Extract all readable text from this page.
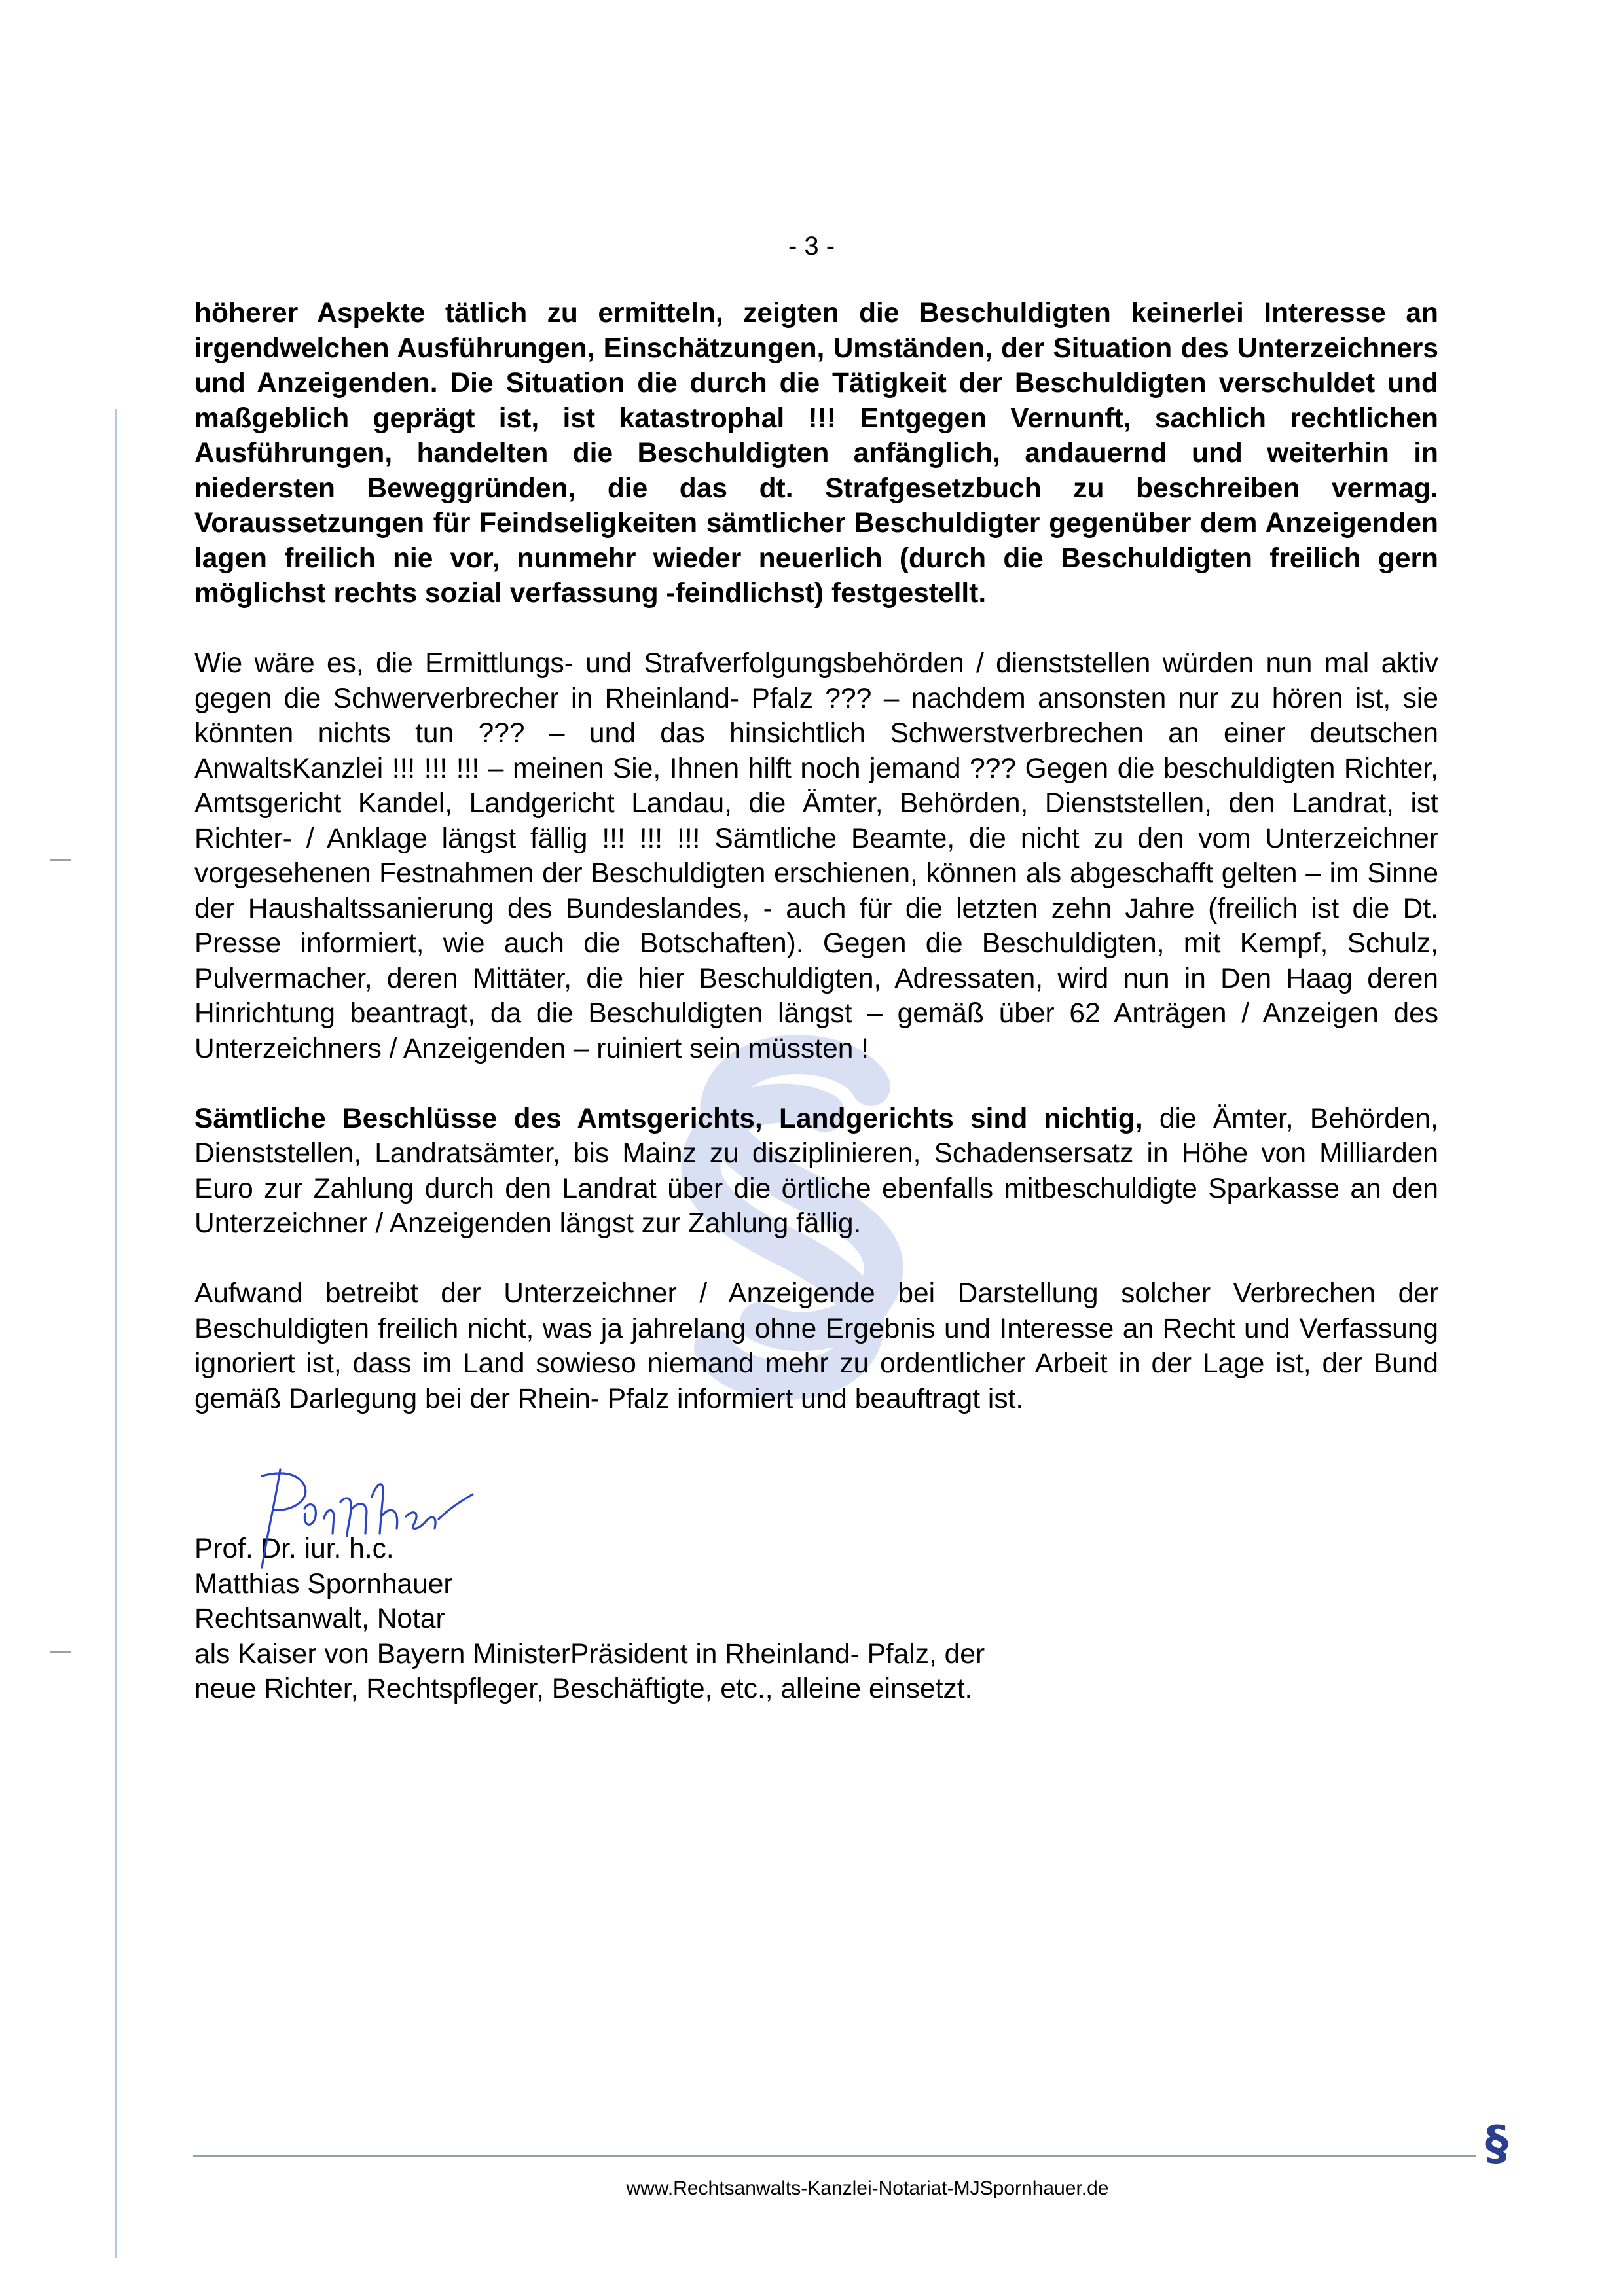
- 3 -

höherer Aspekte tätlich zu ermitteln, zeigten die Beschuldigten keinerlei Interesse an irgendwelchen Ausführungen, Einschätzungen, Umständen, der Situation des Unterzeichners und Anzeigenden. Die Situation die durch die Tätigkeit der Beschuldigten verschuldet und maßgeblich geprägt ist, ist katastrophal !!! Entgegen Vernunft, sachlich rechtlichen Ausführungen, handelten die Beschuldigten anfänglich, andauernd und weiterhin in niedersten Beweggründen, die das dt. Strafgesetzbuch zu beschreiben vermag. Voraussetzungen für Feindseligkeiten sämtlicher Beschuldigter gegenüber dem Anzeigenden lagen freilich nie vor, nunmehr wieder neuerlich (durch die Beschuldigten freilich gern möglichst rechts sozial verfassung -feindlichst) festgestellt.

Wie wäre es, die Ermittlungs- und Strafverfolgungsbehörden / dienststellen würden nun mal aktiv gegen die Schwerverbrecher in Rheinland- Pfalz ??? – nachdem ansonsten nur zu hören ist, sie könnten nichts tun ??? – und das hinsichtlich Schwerstverbrechen an einer deutschen AnwaltsKanzlei !!! !!! !!! – meinen Sie, Ihnen hilft noch jemand ??? Gegen die beschuldigten Richter, Amtsgericht Kandel, Landgericht Landau, die Ämter, Behörden, Dienststellen, den Landrat, ist Richter- / Anklage längst fällig !!! !!! !!! Sämtliche Beamte, die nicht zu den vom Unterzeichner vorgesehenen Festnahmen der Beschuldigten erschienen, können als abgeschafft gelten – im Sinne der Haushaltssanierung des Bundeslandes, - auch für die letzten zehn Jahre (freilich ist die Dt. Presse informiert, wie auch die Botschaften). Gegen die Beschuldigten, mit Kempf, Schulz, Pulvermacher, deren Mittäter, die hier Beschuldigten, Adressaten, wird nun in Den Haag deren Hinrichtung beantragt, da die Beschuldigten längst – gemäß über 62 Anträgen / Anzeigen des Unterzeichners / Anzeigenden – ruiniert sein müssten !

Sämtliche Beschlüsse des Amtsgerichts, Landgerichts sind nichtig, die Ämter, Behörden, Dienststellen, Landratsämter, bis Mainz zu disziplinieren, Schadensersatz in Höhe von Milliarden Euro zur Zahlung durch den Landrat über die örtliche ebenfalls mitbeschuldigte Sparkasse an den Unterzeichner / Anzeigenden längst zur Zahlung fällig.

Aufwand betreibt der Unterzeichner / Anzeigende bei Darstellung solcher Verbrechen der Beschuldigten freilich nicht, was ja jahrelang ohne Ergebnis und Interesse an Recht und Verfassung ignoriert ist, dass im Land sowieso niemand mehr zu ordentlicher Arbeit in der Lage ist, der Bund gemäß Darlegung bei der Rhein- Pfalz informiert und beauftragt ist.

Prof. Dr. iur. h.c.
Matthias Spornhauer
Rechtsanwalt, Notar
als Kaiser von Bayern MinisterPräsident in Rheinland- Pfalz, der
neue Richter, Rechtspfleger, Beschäftigte, etc., alleine einsetzt.
§
www.Rechtsanwalts-Kanzlei-Notariat-MJSpornhauer.de
